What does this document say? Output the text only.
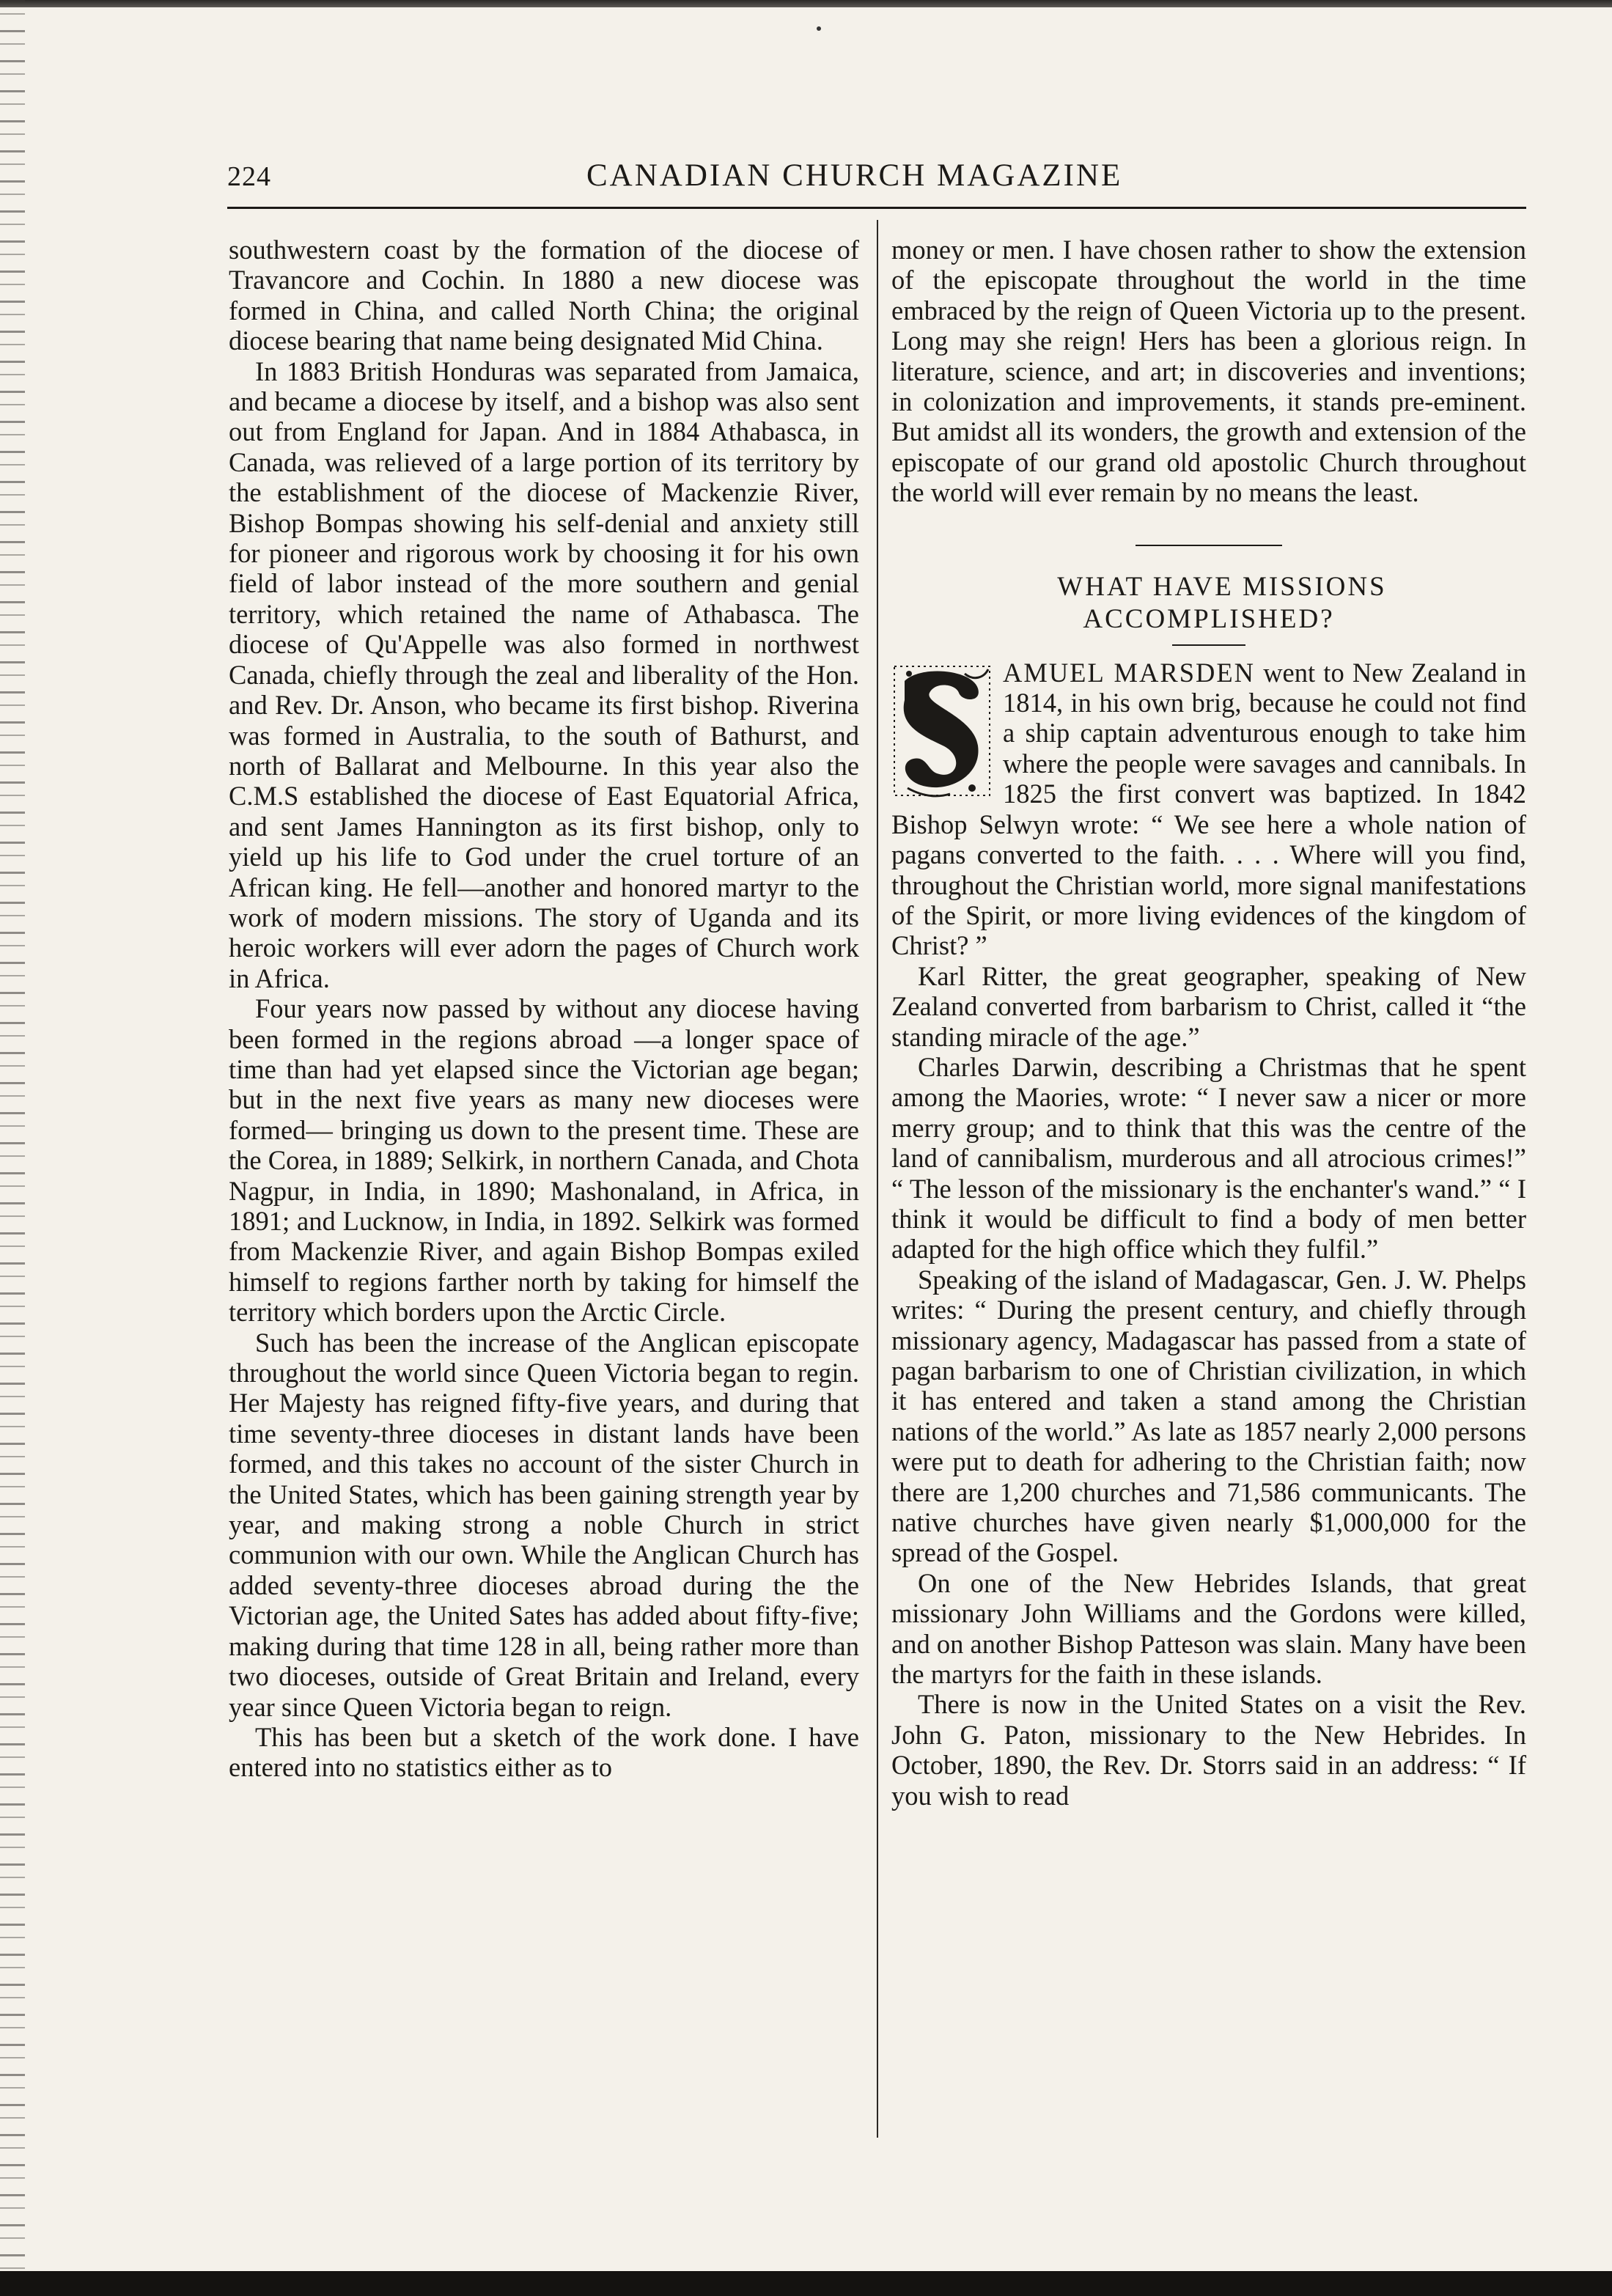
224	CANADIAN CHURCH MAGAZINE

southwestern coast by the formation of the diocese of Travancore and Cochin. In 1880 a new diocese was formed in China, and called North China; the original diocese bearing that name being designated Mid China.

In 1883 British Honduras was separated from Jamaica, and became a diocese by itself, and a bishop was also sent out from England for Japan. And in 1884 Athabasca, in Canada, was relieved of a large portion of its territory by the establishment of the diocese of Mackenzie River, Bishop Bompas showing his self-denial and anxiety still for pioneer and rigorous work by choosing it for his own field of labor instead of the more southern and genial territory, which retained the name of Athabasca. The diocese of Qu'Appelle was also formed in northwest Canada, chiefly through the zeal and liberality of the Hon. and Rev. Dr. Anson, who became its first bishop. Riverina was formed in Australia, to the south of Bathurst, and north of Ballarat and Melbourne. In this year also the C.M.S established the diocese of East Equatorial Africa, and sent James Hannington as its first bishop, only to yield up his life to God under the cruel torture of an African king. He fell—another and honored martyr to the work of modern missions. The story of Uganda and its heroic workers will ever adorn the pages of Church work in Africa.

Four years now passed by without any diocese having been formed in the regions abroad —a longer space of time than had yet elapsed since the Victorian age began; but in the next five years as many new dioceses were formed— bringing us down to the present time. These are the Corea, in 1889; Selkirk, in northern Canada, and Chota Nagpur, in India, in 1890; Mashonaland, in Africa, in 1891; and Lucknow, in India, in 1892. Selkirk was formed from Mackenzie River, and again Bishop Bompas exiled himself to regions farther north by taking for himself the territory which borders upon the Arctic Circle.

Such has been the increase of the Anglican episcopate throughout the world since Queen Victoria began to regin. Her Majesty has reigned fifty-five years, and during that time seventy-three dioceses in distant lands have been formed, and this takes no account of the sister Church in the United States, which has been gaining strength year by year, and making strong a noble Church in strict communion with our own. While the Anglican Church has added seventy-three dioceses abroad during the the Victorian age, the United Sates has added about fifty-five; making during that time 128 in all, being rather more than two dioceses, outside of Great Britain and Ireland, every year since Queen Victoria began to reign.

This has been but a sketch of the work done. I have entered into no statistics either as to

money or men. I have chosen rather to show the extension of the episcopate throughout the world in the time embraced by the reign of Queen Victoria up to the present. Long may she reign! Hers has been a glorious reign. In literature, science, and art; in discoveries and inventions; in colonization and improvements, it stands pre-eminent. But amidst all its wonders, the growth and extension of the episcopate of our grand old apostolic Church throughout the world will ever remain by no means the least.

WHAT HAVE MISSIONS
ACCOMPLISHED?

AMUEL MARSDEN went to New Zealand in 1814, in his own brig, because he could not find a ship captain adventurous enough to take him where the people were savages and cannibals. In 1825 the first convert was baptized. In 1842 Bishop Selwyn wrote: “ We see here a whole nation of pagans converted to the faith. . . . Where will you find, throughout the Christian world, more signal manifestations of the Spirit, or more living evidences of the kingdom of Christ? ”

Karl Ritter, the great geographer, speaking of New Zealand converted from barbarism to Christ, called it “the standing miracle of the age.”

Charles Darwin, describing a Christmas that he spent among the Maories, wrote: “ I never saw a nicer or more merry group; and to think that this was the centre of the land of cannibalism, murderous and all atrocious crimes!” “ The lesson of the missionary is the enchanter's wand.” “ I think it would be difficult to find a body of men better adapted for the high office which they fulfil.”

Speaking of the island of Madagascar, Gen. J. W. Phelps writes: “ During the present century, and chiefly through missionary agency, Madagascar has passed from a state of pagan barbarism to one of Christian civilization, in which it has entered and taken a stand among the Christian nations of the world.” As late as 1857 nearly 2,000 persons were put to death for adhering to the Christian faith; now there are 1,200 churches and 71,586 communicants. The native churches have given nearly $1,000,000 for the spread of the Gospel.

On one of the New Hebrides Islands, that great missionary John Williams and the Gordons were killed, and on another Bishop Patteson was slain. Many have been the martyrs for the faith in these islands.

There is now in the United States on a visit the Rev. John G. Paton, missionary to the New Hebrides. In October, 1890, the Rev. Dr. Storrs said in an address: “ If you wish to read
